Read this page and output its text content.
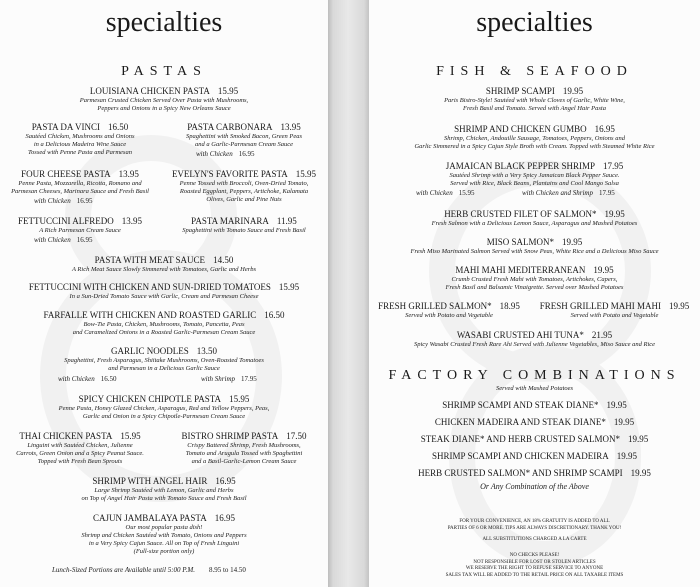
specialties
PASTAS
LOUISIANA CHICKEN PASTA 15.95
Parmesan Crusted Chicken Served Over Pasta with Mushrooms,
Peppers and Onions in a Spicy New Orleans Sauce
PASTA DA VINCI 16.50
Sautéed Chicken, Mushrooms and Onions
in a Delicious Madeira Wine Sauce
Tossed with Penne Pasta and Parmesan
PASTA CARBONARA 13.95
Spaghettini with Smoked Bacon, Green Peas
and a Garlic-Parmesan Cream Sauce
with Chicken 16.95
FOUR CHEESE PASTA 13.95
Penne Pasta, Mozzarella, Ricotta, Romano and
Parmesan Cheeses, Marinara Sauce and Fresh Basil
with Chicken 16.95
EVELYN'S FAVORITE PASTA 15.95
Penne Tossed with Broccoli, Oven-Dried Tomato,
Roasted Eggplant, Peppers, Artichoke, Kalamata
Olives, Garlic and Pine Nuts
FETTUCCINI ALFREDO 13.95
A Rich Parmesan Cream Sauce
with Chicken 16.95
PASTA MARINARA 11.95
Spaghettini with Tomato Sauce and Fresh Basil
PASTA WITH MEAT SAUCE 14.50
A Rich Meat Sauce Slowly Simmered with Tomatoes, Garlic and Herbs
FETTUCCINI WITH CHICKEN AND SUN-DRIED TOMATOES 15.95
In a Sun-Dried Tomato Sauce with Garlic, Cream and Parmesan Cheese
FARFALLE WITH CHICKEN AND ROASTED GARLIC 16.50
Bow-Tie Pasta, Chicken, Mushrooms, Tomato, Pancetta, Peas
and Caramelized Onions in a Roasted Garlic-Parmesan Cream Sauce
GARLIC NOODLES 13.50
Spaghettini, Fresh Asparagus, Shiitake Mushrooms, Oven-Roasted Tomatoes
and Parmesan in a Delicious Garlic Sauce
with Chicken 16.50	with Shrimp 17.95
SPICY CHICKEN CHIPOTLE PASTA 15.95
Penne Pasta, Honey Glazed Chicken, Asparagus, Red and Yellow Peppers, Peas,
Garlic and Onion in a Spicy Chipotle-Parmesan Cream Sauce
THAI CHICKEN PASTA 15.95
Linguini with Sautéed Chicken, Julienne
Carrots, Green Onion and a Spicy Peanut Sauce.
Topped with Fresh Bean Sprouts
BISTRO SHRIMP PASTA 17.50
Crispy Battered Shrimp, Fresh Mushrooms,
Tomato and Arugula Tossed with Spaghettini
and a Basil-Garlic-Lemon Cream Sauce
SHRIMP WITH ANGEL HAIR 16.95
Large Shrimp Sautéed with Lemon, Garlic and Herbs
on Top of Angel Hair Pasta with Tomato Sauce and Fresh Basil
CAJUN JAMBALAYA PASTA 16.95
Our most popular pasta dish!
Shrimp and Chicken Sautéed with Tomato, Onions and Peppers
in a Very Spicy Cajun Sauce. All on Top of Fresh Linguini
(Full-size portion only)
Lunch-Sized Portions are Available until 5:00 P.M. 8.95 to 14.50
specialties
FISH & SEAFOOD
SHRIMP SCAMPI 19.95
Paris Bistro-Style! Sautéed with Whole Cloves of Garlic, White Wine,
Fresh Basil and Tomato. Served with Angel Hair Pasta
SHRIMP AND CHICKEN GUMBO 16.95
Shrimp, Chicken, Andouille Sausage, Tomatoes, Peppers, Onions and
Garlic Simmered in a Spicy Cajun Style Broth with Cream. Topped with Steamed White Rice
JAMAICAN BLACK PEPPER SHRIMP 17.95
Sautéed Shrimp with a Very Spicy Jamaican Black Pepper Sauce.
Served with Rice, Black Beans, Plantains and Cool Mango Salsa
with Chicken 15.95	with Chicken and Shrimp 17.95
HERB CRUSTED FILET OF SALMON* 19.95
Fresh Salmon with a Delicious Lemon Sauce, Asparagus and Mashed Potatoes
MISO SALMON* 19.95
Fresh Miso Marinated Salmon Served with Snow Peas, White Rice and a Delicious Miso Sauce
MAHI MAHI MEDITERRANEAN 19.95
Crumb Crusted Fresh Mahi with Tomatoes, Artichokes, Capers,
Fresh Basil and Balsamic Vinaigrette. Served over Mashed Potatoes
FRESH GRILLED SALMON* 18.95
Served with Potato and Vegetable
FRESH GRILLED MAHI MAHI 19.95
Served with Potato and Vegetable
WASABI CRUSTED AHI TUNA* 21.95
Spicy Wasabi Crusted Fresh Rare Ahi Served with Julienne Vegetables, Miso Sauce and Rice
FACTORY COMBINATIONS
Served with Mashed Potatoes
SHRIMP SCAMPI AND STEAK DIANE* 19.95
CHICKEN MADEIRA AND STEAK DIANE* 19.95
STEAK DIANE* AND HERB CRUSTED SALMON* 19.95
SHRIMP SCAMPI AND CHICKEN MADEIRA 19.95
HERB CRUSTED SALMON* AND SHRIMP SCAMPI 19.95
Or Any Combination of the Above
FOR YOUR CONVENIENCE, AN 18% GRATUITY IS ADDED TO ALL
PARTIES OF 6 OR MORE. TIPS ARE ALWAYS DISCRETIONARY. THANK YOU!
ALL SUBSTITUTIONS CHARGED A LA CARTE
NO CHECKS PLEASE!
NOT RESPONSIBLE FOR LOST OR STOLEN ARTICLES
WE RESERVE THE RIGHT TO REFUSE SERVICE TO ANYONE
SALES TAX WILL BE ADDED TO THE RETAIL PRICE ON ALL TAXABLE ITEMS
